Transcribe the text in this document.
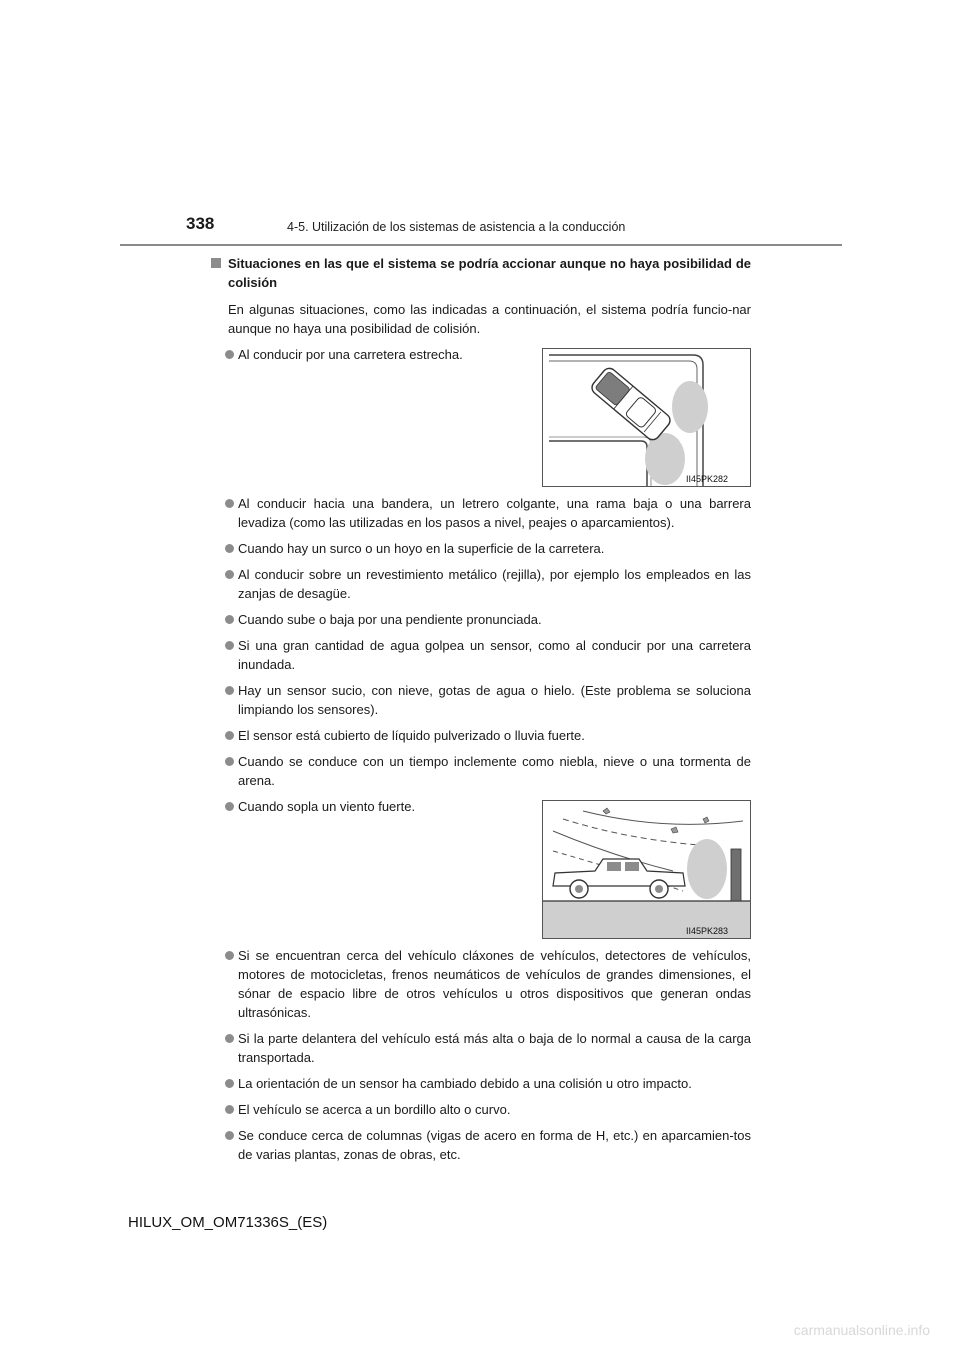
338	4-5. Utilización de los sistemas de asistencia a la conducción
Situaciones en las que el sistema se podría accionar aunque no haya posibilidad de colisión
En algunas situaciones, como las indicadas a continuación, el sistema podría funcio-nar aunque no haya una posibilidad de colisión.
Al conducir por una carretera estrecha.
II45PK282
Al conducir hacia una bandera, un letrero colgante, una rama baja o una barrera levadiza (como las utilizadas en los pasos a nivel, peajes o aparcamientos).
Cuando hay un surco o un hoyo en la superficie de la carretera.
Al conducir sobre un revestimiento metálico (rejilla), por ejemplo los empleados en las zanjas de desagüe.
Cuando sube o baja por una pendiente pronunciada.
Si una gran cantidad de agua golpea un sensor, como al conducir por una carretera inundada.
Hay un sensor sucio, con nieve, gotas de agua o hielo. (Este problema se soluciona limpiando los sensores).
El sensor está cubierto de líquido pulverizado o lluvia fuerte.
Cuando se conduce con un tiempo inclemente como niebla, nieve o una tormenta de arena.
Cuando sopla un viento fuerte.
II45PK283
Si se encuentran cerca del vehículo cláxones de vehículos, detectores de vehículos, motores de motocicletas, frenos neumáticos de vehículos de grandes dimensiones, el sónar de espacio libre de otros vehículos u otros dispositivos que generan ondas ultrasónicas.
Si la parte delantera del vehículo está más alta o baja de lo normal a causa de la carga transportada.
La orientación de un sensor ha cambiado debido a una colisión u otro impacto.
El vehículo se acerca a un bordillo alto o curvo.
Se conduce cerca de columnas (vigas de acero en forma de H, etc.) en aparcamien-tos de varias plantas, zonas de obras, etc.
HILUX_OM_OM71336S_(ES)
carmanualsonline.info
